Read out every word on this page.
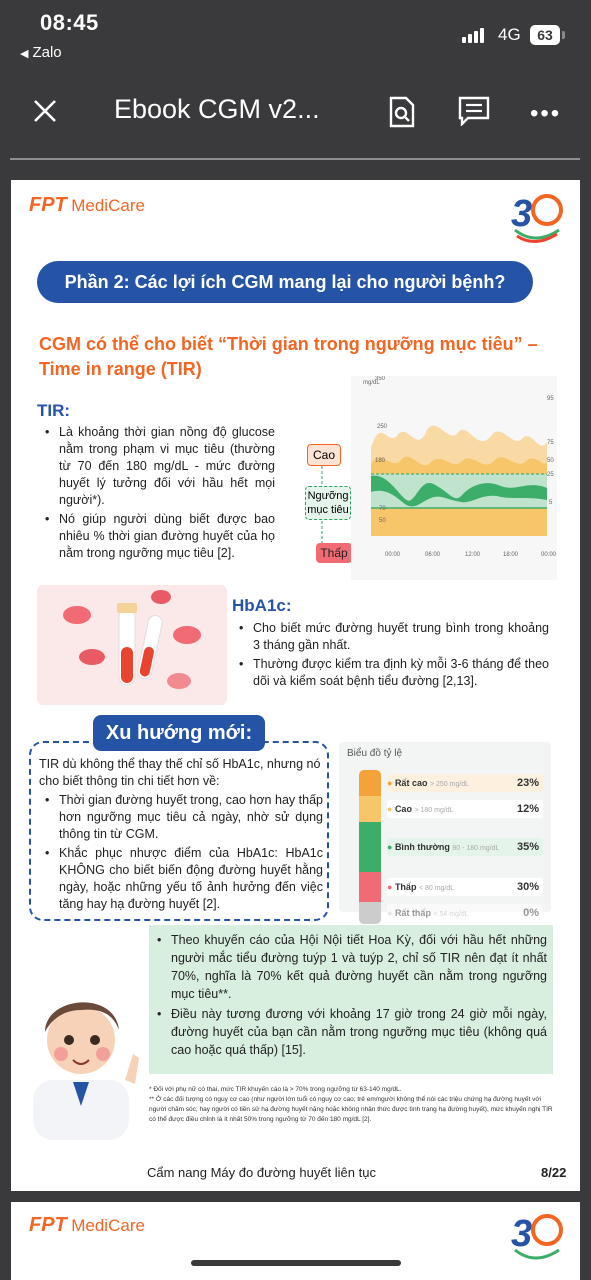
08:45
◀ Zalo
4G	63
Ebook CGM v2...	•••
FPT MediCare	3
Phần 2: Các lợi ích CGM mang lại cho người bệnh?
CGM có thể cho biết “Thời gian trong ngưỡng mục tiêu” – Time in range (TIR)
TIR:
• Là khoảng thời gian nồng độ glucose nằm trong phạm vi mục tiêu (thường từ 70 đến 180 mg/dL - mức đường huyết lý tưởng đối với hầu hết mọi người*).
• Nó giúp người dùng biết được bao nhiêu % thời gian đường huyết của họ nằm trong ngưỡng mục tiêu [2].
Cao
Ngưỡng
mục tiêu
Thấp
mg/dL
350
250
180
70
50
95
75
50
25
5
00:00	06:00	12:00	18:00	00:00
HbA1c:
• Cho biết mức đường huyết trung bình trong khoảng 3 tháng gần nhất.
• Thường được kiểm tra định kỳ mỗi 3-6 tháng để theo dõi và kiểm soát bệnh tiểu đường [2,13].
Xu hướng mới:
TIR dù không thể thay thế chỉ số HbA1c, nhưng nó cho biết thông tin chi tiết hơn về:
• Thời gian đường huyết trong, cao hơn hay thấp hơn ngưỡng mục tiêu cả ngày, nhờ sử dụng thông tin từ CGM.
• Khắc phục nhược điểm của HbA1c: HbA1c KHÔNG cho biết biến động đường huyết hằng ngày, hoặc những yếu tố ảnh hưởng đến việc tăng hay hạ đường huyết [2].
Biểu đồ tỷ lệ
● Rất cao > 250 mg/dL	23%
● Cao > 180 mg/dL	12%
● Bình thường 80 - 180 mg/dL 35%
● Thấp < 80 mg/dL	30%
● Rất thấp < 54 mg/dL	0%
• Theo khuyến cáo của Hội Nội tiết Hoa Kỳ, đối với hầu hết những người mắc tiểu đường tuýp 1 và tuýp 2, chỉ số TIR nên đạt ít nhất 70%, nghĩa là 70% kết quả đường huyết cần nằm trong ngưỡng mục tiêu**.
• Điều này tương đương với khoảng 17 giờ trong 24 giờ mỗi ngày, đường huyết của bạn cần nằm trong ngưỡng mục tiêu (không quá cao hoặc quá thấp) [15].
* Đối với phụ nữ có thai, mức TIR khuyến cáo là > 70% trong ngưỡng từ 63-140 mg/dL.
** Ở các đối tượng có nguy cơ cao (như người lớn tuổi có nguy cơ cao; trẻ em/người không thể nói các triệu chứng hạ đường huyết với người chăm sóc; hay người có tiền sử hạ đường huyết nặng hoặc không nhận thức được tình trạng hạ đường huyết), mức khuyến nghị TIR có thể được điều chỉnh là ít nhất 50% trong ngưỡng từ 70 đến 180 mg/dL [2].
Cẩm nang Máy đo đường huyết liên tục	8/22
FPT MediCare	3
